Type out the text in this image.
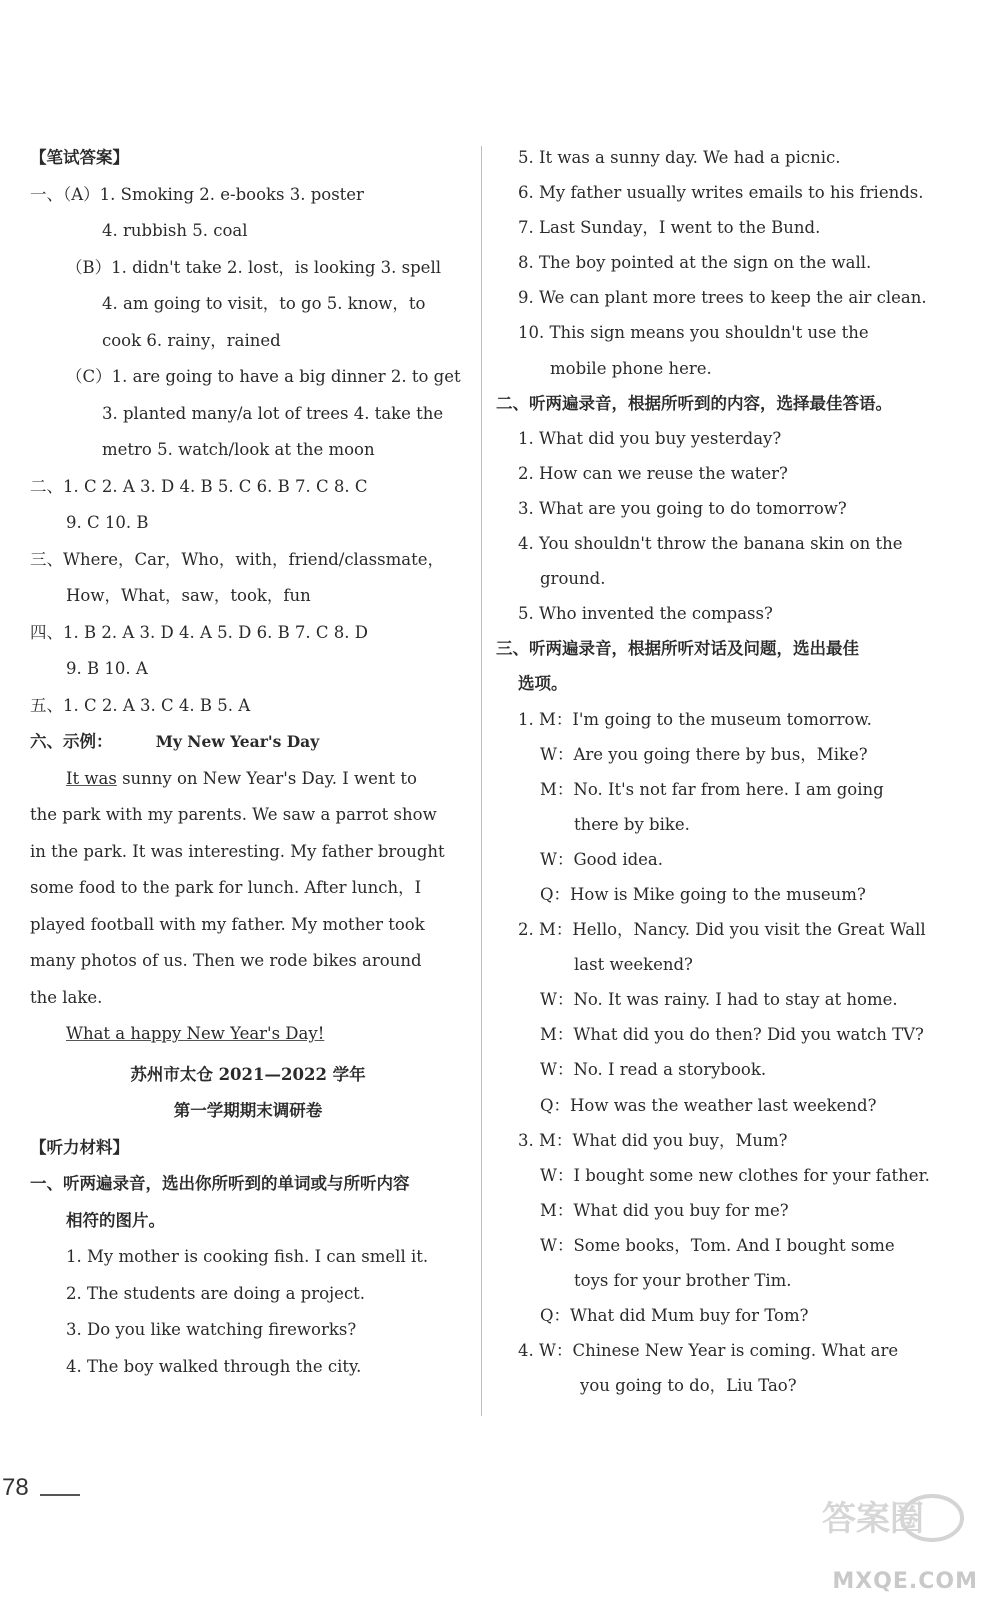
【笔试答案】
一、（A）1. Smoking 2. e-books 3. poster
4. rubbish 5. coal
（B）1. didn't take 2. lost，is looking 3. spell
4. am going to visit，to go 5. know，to
cook 6. rainy，rained
（C）1. are going to have a big dinner 2. to get
3. planted many/a lot of trees 4. take the
metro 5. watch/look at the moon
二、1. C 2. A 3. D 4. B 5. C 6. B 7. C 8. C
9. C 10. B
三、Where，Car，Who，with，friend/classmate，
How，What，saw，took，fun
四、1. B 2. A 3. D 4. A 5. D 6. B 7. C 8. D
9. B 10. A
五、1. C 2. A 3. C 4. B 5. A
六、示例：	My New Year's Day
It was sunny on New Year's Day. I went to
the park with my parents. We saw a parrot show
in the park. It was interesting. My father brought
some food to the park for lunch. After lunch，I
played football with my father. My mother took
many photos of us. Then we rode bikes around
the lake.
What a happy New Year's Day!
苏州市太仓 2021—2022 学年
第一学期期末调研卷
【听力材料】
一、听两遍录音，选出你所听到的单词或与所听内容
相符的图片。
1. My mother is cooking fish. I can smell it.
2. The students are doing a project.
3. Do you like watching fireworks?
4. The boy walked through the city.
5. It was a sunny day. We had a picnic.
6. My father usually writes emails to his friends.
7. Last Sunday，I went to the Bund.
8. The boy pointed at the sign on the wall.
9. We can plant more trees to keep the air clean.
10. This sign means you shouldn't use the
mobile phone here.
二、听两遍录音，根据所听到的内容，选择最佳答语。
1. What did you buy yesterday?
2. How can we reuse the water?
3. What are you going to do tomorrow?
4. You shouldn't throw the banana skin on the
ground.
5. Who invented the compass?
三、听两遍录音，根据所听对话及问题，选出最佳
选项。
1. M：I'm going to the museum tomorrow.
W：Are you going there by bus，Mike?
M：No. It's not far from here. I am going
there by bike.
W：Good idea.
Q：How is Mike going to the museum?
2. M：Hello，Nancy. Did you visit the Great Wall
last weekend?
W：No. It was rainy. I had to stay at home.
M：What did you do then? Did you watch TV?
W：No. I read a storybook.
Q：How was the weather last weekend?
3. M：What did you buy，Mum?
W：I bought some new clothes for your father.
M：What did you buy for me?
W：Some books，Tom. And I bought some
toys for your brother Tim.
Q：What did Mum buy for Tom?
4. W：Chinese New Year is coming. What are
you going to do，Liu Tao?
78
答案圈
MXQE.COM
